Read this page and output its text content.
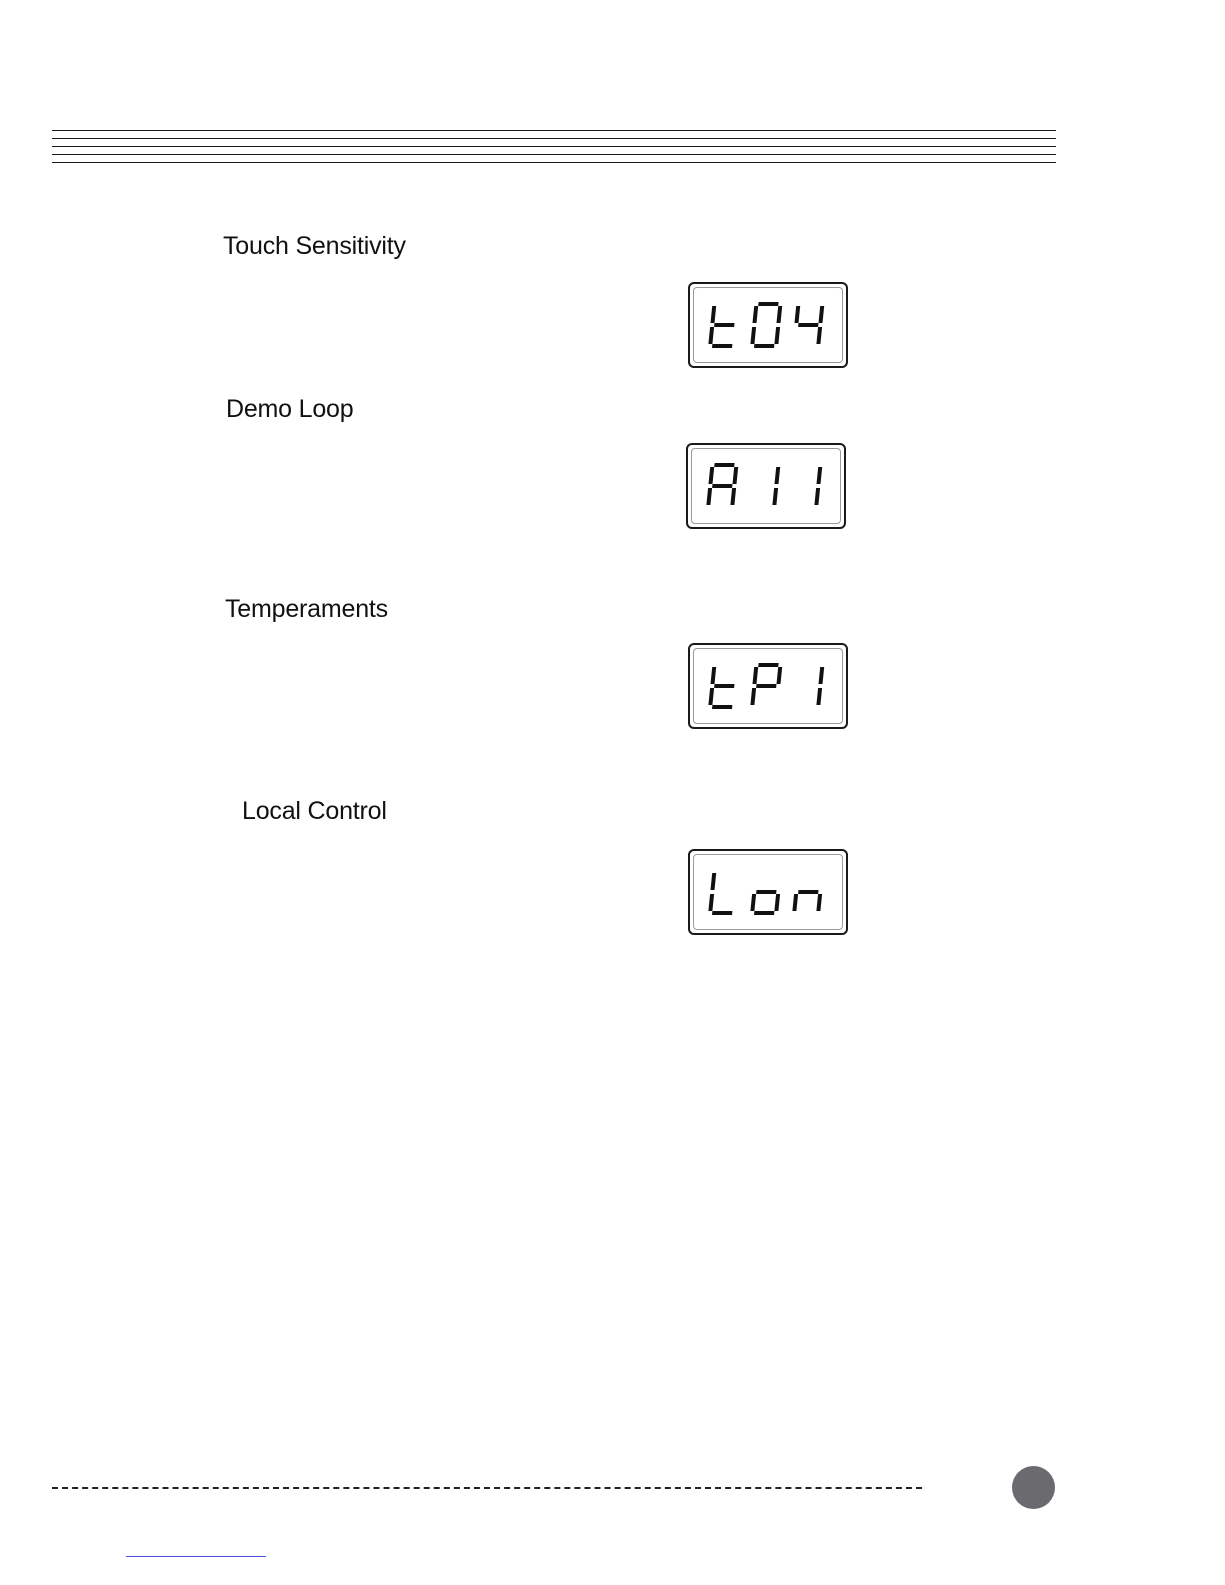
Touch Sensitivity
Demo Loop
Temperaments
Local Control
